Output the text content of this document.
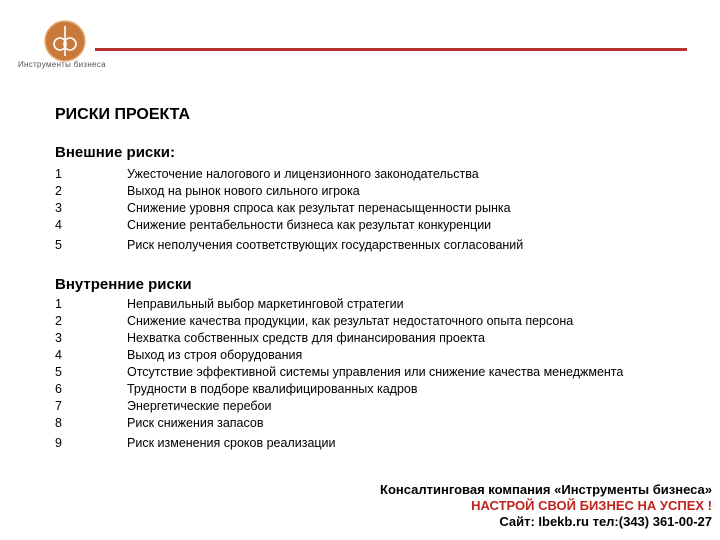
Инструменты бизнеса
РИСКИ ПРОЕКТА
Внешние риски:
1	Ужесточение налогового и лицензионного законодательства
2	Выход на рынок нового сильного игрока
3	Снижение уровня спроса как результат перенасыщенности рынка
4	Снижение рентабельности бизнеса как результат конкуренции
5	Риск неполучения соответствующих государственных согласований
Внутренние риски
1	Неправильный выбор маркетинговой стратегии
2	Снижение качества продукции, как результат недостаточного опыта персона
3	Нехватка собственных средств для финансирования проекта
4	Выход из строя оборудования
5	Отсутствие эффективной системы управления или снижение качества менеджмента
6	Трудности в подборе квалифицированных кадров
7	Энергетические перебои
8	Риск снижения запасов
9	Риск изменения сроков реализации
Консалтинговая компания «Инструменты бизнеса»
НАСТРОЙ СВОЙ БИЗНЕС НА УСПЕХ !
Сайт: Ibekb.ru тел:(343) 361-00-27
